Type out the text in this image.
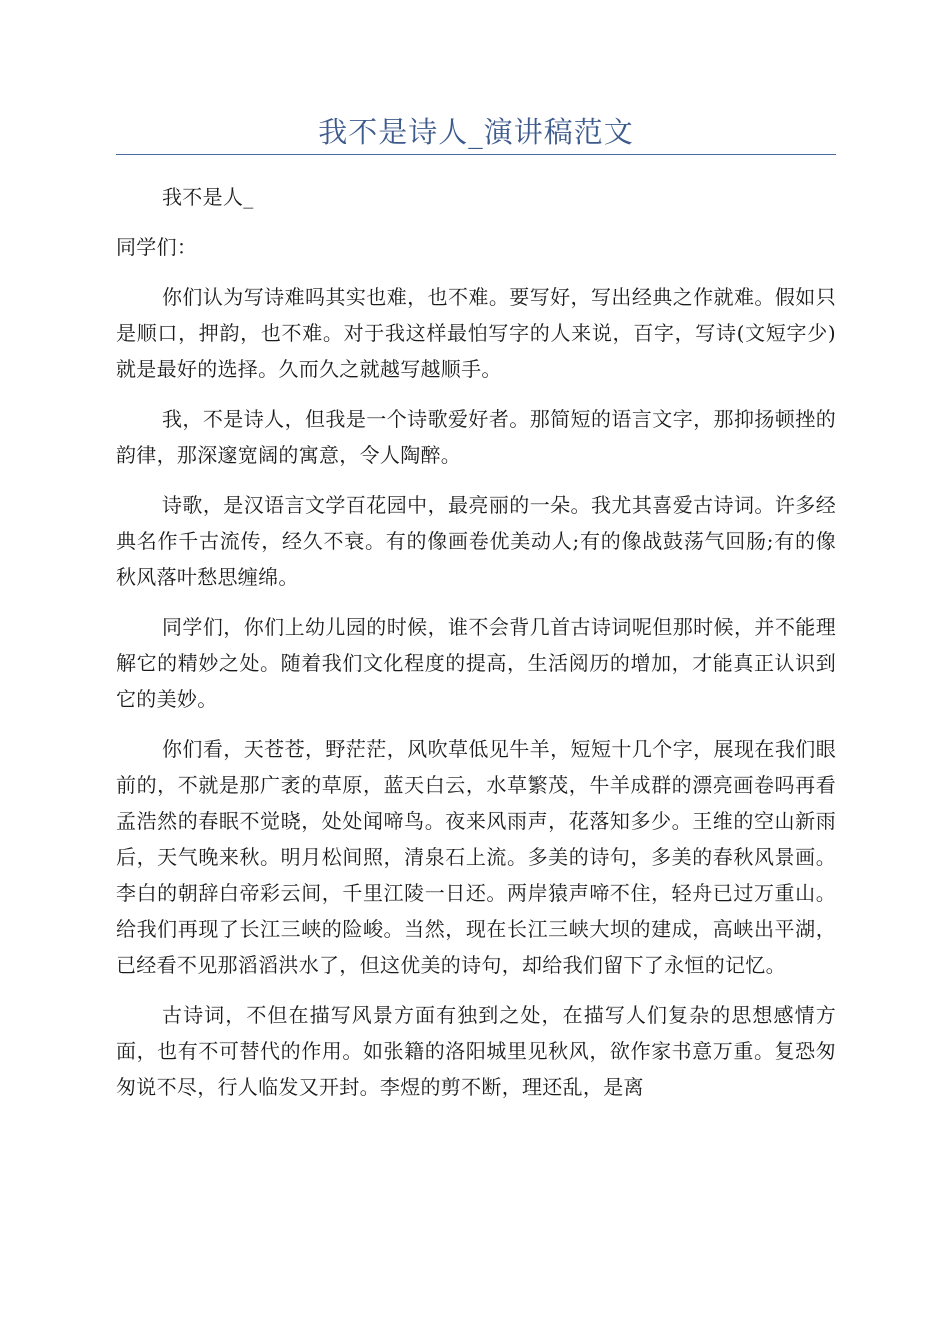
我不是诗人_演讲稿范文

我不是人_

同学们：

你们认为写诗难吗其实也难，也不难。要写好，写出经典之作就难。假如只是顺口，押韵，也不难。对于我这样最怕写字的人来说，百字，写诗(文短字少)就是最好的选择。久而久之就越写越顺手。

我，不是诗人，但我是一个诗歌爱好者。那简短的语言文字，那抑扬顿挫的韵律，那深邃宽阔的寓意，令人陶醉。

诗歌，是汉语言文学百花园中，最亮丽的一朵。我尤其喜爱古诗词。许多经典名作千古流传，经久不衰。有的像画卷优美动人;有的像战鼓荡气回肠;有的像秋风落叶愁思缠绵。

同学们，你们上幼儿园的时候，谁不会背几首古诗词呢但那时候，并不能理解它的精妙之处。随着我们文化程度的提高，生活阅历的增加，才能真正认识到它的美妙。

你们看，天苍苍，野茫茫，风吹草低见牛羊，短短十几个字，展现在我们眼前的，不就是那广袤的草原，蓝天白云，水草繁茂，牛羊成群的漂亮画卷吗再看孟浩然的春眠不觉晓，处处闻啼鸟。夜来风雨声，花落知多少。王维的空山新雨后，天气晚来秋。明月松间照，清泉石上流。多美的诗句，多美的春秋风景画。李白的朝辞白帝彩云间，千里江陵一日还。两岸猿声啼不住，轻舟已过万重山。给我们再现了长江三峡的险峻。当然，现在长江三峡大坝的建成，高峡出平湖，已经看不见那滔滔洪水了，但这优美的诗句，却给我们留下了永恒的记忆。

古诗词，不但在描写风景方面有独到之处，在描写人们复杂的思想感情方面，也有不可替代的作用。如张籍的洛阳城里见秋风，欲作家书意万重。复恐匆匆说不尽，行人临发又开封。李煜的剪不断，理还乱，是离
